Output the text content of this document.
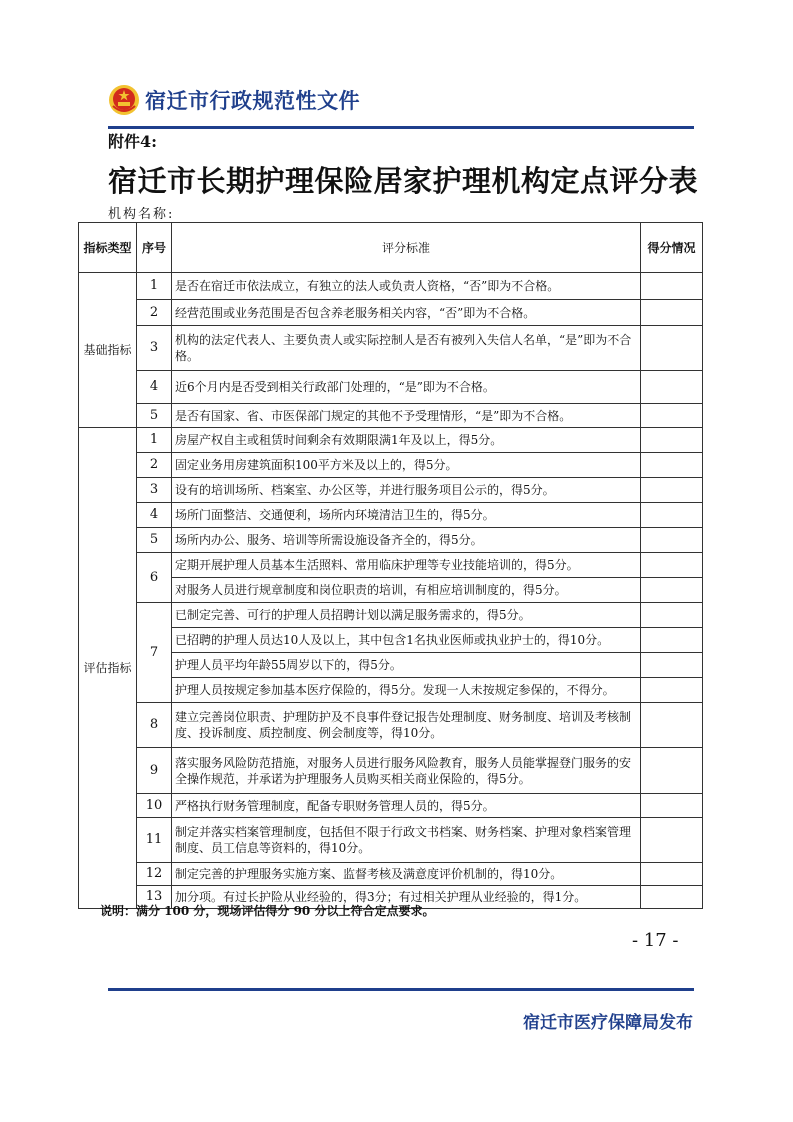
宿迁市行政规范性文件
附件4:
宿迁市长期护理保险居家护理机构定点评分表
机构名称:
指标类型	序号	评分标准	得分情况
基础指标	1	是否在宿迁市依法成立，有独立的法人或负责人资格，“否”即为不合格。	
	2	经营范围或业务范围是否包含养老服务相关内容，“否”即为不合格。	
	3	机构的法定代表人、主要负责人或实际控制人是否有被列入失信人名单，“是”即为不合格。	
	4	近6个月内是否受到相关行政部门处理的，“是”即为不合格。	
	5	是否有国家、省、市医保部门规定的其他不予受理情形，“是”即为不合格。	
评估指标	1	房屋产权自主或租赁时间剩余有效期限满1年及以上，得5分。	
	2	固定业务用房建筑面积100平方米及以上的，得5分。	
	3	设有的培训场所、档案室、办公区等，并进行服务项目公示的，得5分。	
	4	场所门面整洁、交通便利，场所内环境清洁卫生的，得5分。	
	5	场所内办公、服务、培训等所需设施设备齐全的，得5分。	
	6	定期开展护理人员基本生活照料、常用临床护理等专业技能培训的，得5分。	
		对服务人员进行规章制度和岗位职责的培训，有相应培训制度的，得5分。	
	7	已制定完善、可行的护理人员招聘计划以满足服务需求的，得5分。	
		已招聘的护理人员达10人及以上，其中包含1名执业医师或执业护士的，得10分。	
		护理人员平均年龄55周岁以下的，得5分。	
		护理人员按规定参加基本医疗保险的，得5分。发现一人未按规定参保的，不得分。	
	8	建立完善岗位职责、护理防护及不良事件登记报告处理制度、财务制度、培训及考核制度、投诉制度、质控制度、例会制度等，得10分。	
	9	落实服务风险防范措施，对服务人员进行服务风险教育，服务人员能掌握登门服务的安全操作规范，并承诺为护理服务人员购买相关商业保险的，得5分。	
	10	严格执行财务管理制度，配备专职财务管理人员的，得5分。	
	11	制定并落实档案管理制度，包括但不限于行政文书档案、财务档案、护理对象档案管理制度、员工信息等资料的，得10分。	
	12	制定完善的护理服务实施方案、监督考核及满意度评价机制的，得10分。	
	13	加分项。有过长护险从业经验的，得3分；有过相关护理从业经验的，得1分。	
说明：满分 100 分，现场评估得分 90 分以上符合定点要求。
- 17 -
宿迁市医疗保障局发布
